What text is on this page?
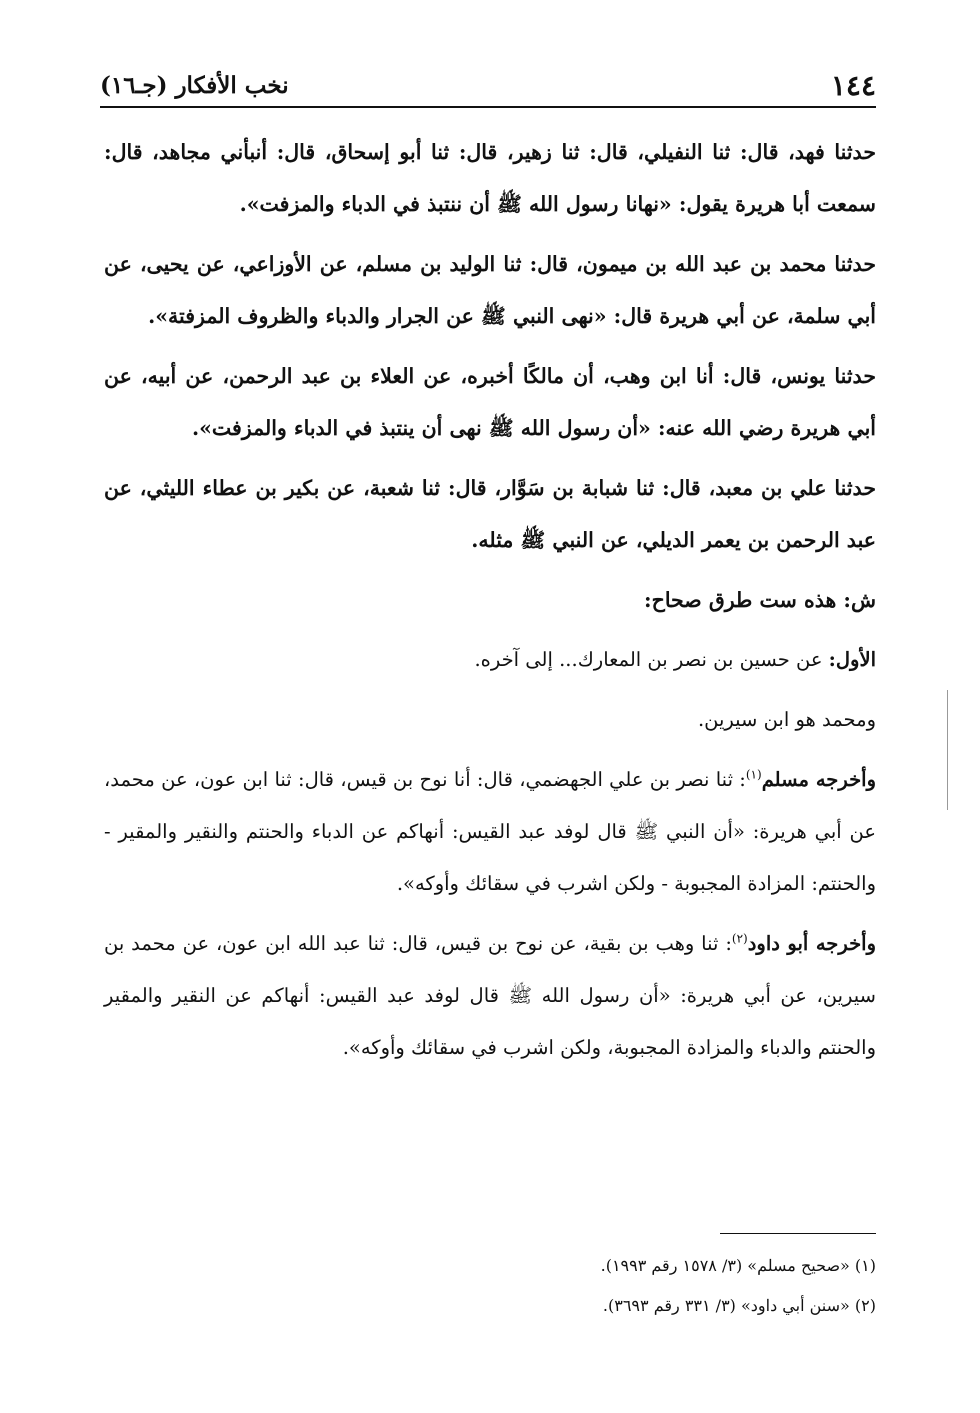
١٤٤
نخب الأفكار (جـ١٦)

حدثنا فهد، قال: ثنا النفيلي، قال: ثنا زهير، قال: ثنا أبو إسحاق، قال: أنبأني مجاهد، قال: سمعت أبا هريرة يقول: «نهانا رسول الله ﷺ أن ننتبذ في الدباء والمزفت».

حدثنا محمد بن عبد الله بن ميمون، قال: ثنا الوليد بن مسلم، عن الأوزاعي، عن يحيى، عن أبي سلمة، عن أبي هريرة قال: «نهى النبي ﷺ عن الجرار والدباء والظروف المزفتة».

حدثنا يونس، قال: أنا ابن وهب، أن مالكًا أخبره، عن العلاء بن عبد الرحمن، عن أبيه، عن أبي هريرة رضي الله عنه: «أن رسول الله ﷺ نهى أن ينتبذ في الدباء والمزفت».

حدثنا علي بن معبد، قال: ثنا شبابة بن سَوَّار، قال: ثنا شعبة، عن بكير بن عطاء الليثي، عن عبد الرحمن بن يعمر الديلي، عن النبي ﷺ مثله.

ش: هذه ست طرق صحاح:

الأول: عن حسين بن نصر بن المعارك... إلى آخره.

ومحمد هو ابن سيرين.

وأخرجه مسلم$^{(١)}$: ثنا نصر بن علي الجهضمي، قال: أنا نوح بن قيس، قال: ثنا ابن عون، عن محمد، عن أبي هريرة: «أن النبي ﷺ قال لوفد عبد القيس: أنهاكم عن الدباء والحنتم والنقير والمقير - والحنتم: المزادة المجبوبة - ولكن اشرب في سقائك وأوكه».

وأخرجه أبو داود$^{(٢)}$: ثنا وهب بن بقية، عن نوح بن قيس، قال: ثنا عبد الله ابن عون، عن محمد بن سيرين، عن أبي هريرة: «أن رسول الله ﷺ قال لوفد عبد القيس: أنهاكم عن النقير والمقير والحنتم والدباء والمزادة المجبوبة، ولكن اشرب في سقائك وأوكه».

(١) «صحيح مسلم» (٣/ ١٥٧٨ رقم ١٩٩٣).
(٢) «سنن أبي داود» (٣/ ٣٣١ رقم ٣٦٩٣).
